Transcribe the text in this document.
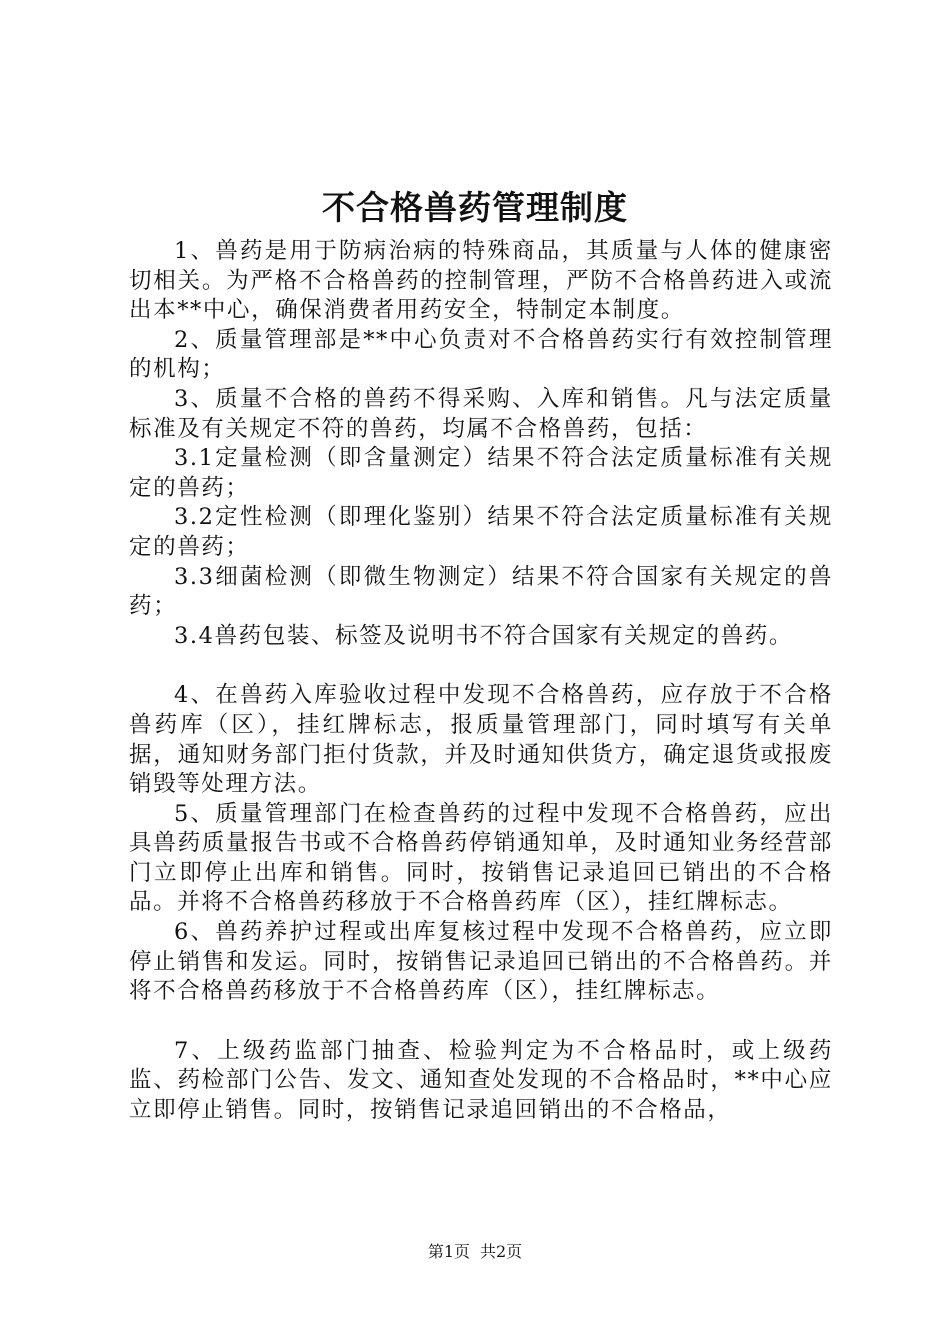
不合格兽药管理制度

1、兽药是用于防病治病的特殊商品，其质量与人体的健康密切相关。为严格不合格兽药的控制管理，严防不合格兽药进入或流出本**中心，确保消费者用药安全，特制定本制度。

2、质量管理部是**中心负责对不合格兽药实行有效控制管理的机构；

3、质量不合格的兽药不得采购、入库和销售。凡与法定质量标准及有关规定不符的兽药，均属不合格兽药，包括：

3.1定量检测（即含量测定）结果不符合法定质量标准有关规定的兽药；

3.2定性检测（即理化鉴别）结果不符合法定质量标准有关规定的兽药；

3.3细菌检测（即微生物测定）结果不符合国家有关规定的兽药；

3.4兽药包装、标签及说明书不符合国家有关规定的兽药。

4、在兽药入库验收过程中发现不合格兽药，应存放于不合格兽药库（区），挂红牌标志，报质量管理部门，同时填写有关单据，通知财务部门拒付货款，并及时通知供货方，确定退货或报废销毁等处理方法。

5、质量管理部门在检查兽药的过程中发现不合格兽药，应出具兽药质量报告书或不合格兽药停销通知单，及时通知业务经营部门立即停止出库和销售。同时，按销售记录追回已销出的不合格品。并将不合格兽药移放于不合格兽药库（区），挂红牌标志。

6、兽药养护过程或出库复核过程中发现不合格兽药，应立即停止销售和发运。同时，按销售记录追回已销出的不合格兽药。并将不合格兽药移放于不合格兽药库（区），挂红牌标志。

7、上级药监部门抽查、检验判定为不合格品时，或上级药监、药检部门公告、发文、通知查处发现的不合格品时，**中心应立即停止销售。同时，按销售记录追回销出的不合格品，

第1页 共2页
